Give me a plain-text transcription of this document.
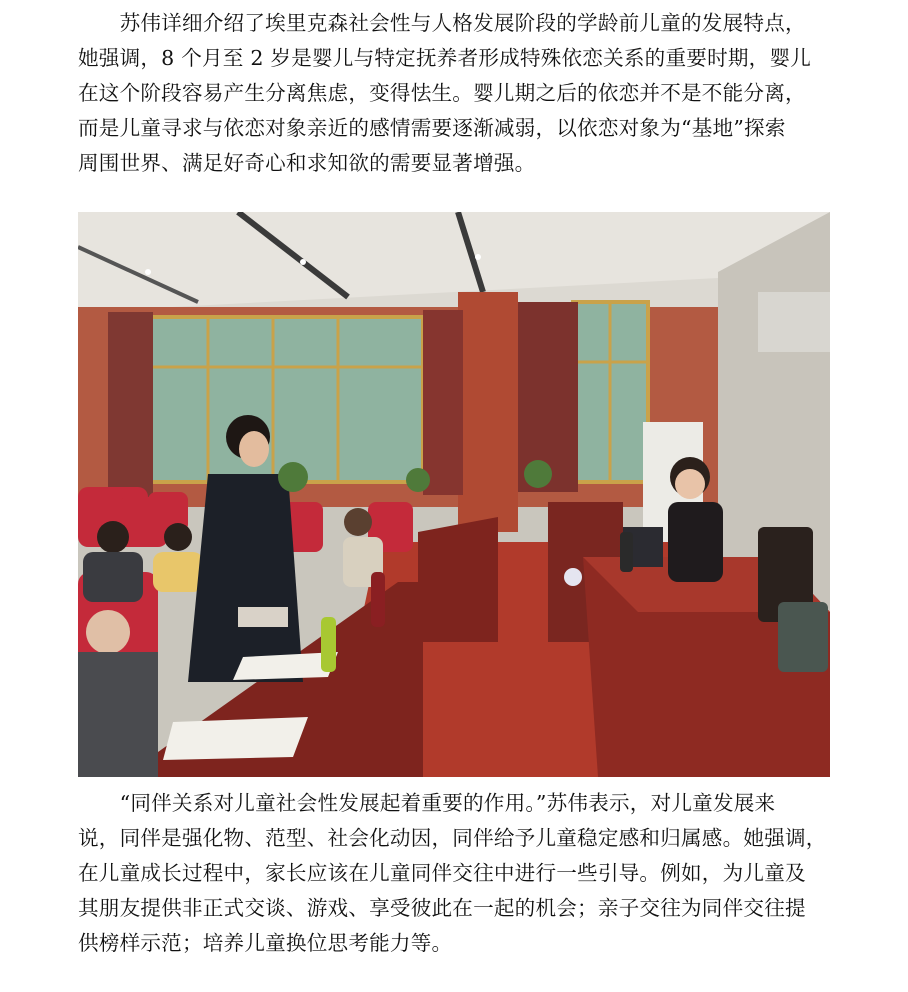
　　苏伟详细介绍了埃里克森社会性与人格发展阶段的学龄前儿童的发展特点，
她强调，8 个月至 2 岁是婴儿与特定抚养者形成特殊依恋关系的重要时期，婴儿
在这个阶段容易产生分离焦虑，变得怯生。婴儿期之后的依恋并不是不能分离，
而是儿童寻求与依恋对象亲近的感情需要逐渐减弱，以依恋对象为“基地”探索
周围世界、满足好奇心和求知欲的需要显著增强。
　　“同伴关系对儿童社会性发展起着重要的作用。”苏伟表示，对儿童发展来
说，同伴是强化物、范型、社会化动因，同伴给予儿童稳定感和归属感。她强调，
在儿童成长过程中，家长应该在儿童同伴交往中进行一些引导。例如，为儿童及
其朋友提供非正式交谈、游戏、享受彼此在一起的机会；亲子交往为同伴交往提
供榜样示范；培养儿童换位思考能力等。
